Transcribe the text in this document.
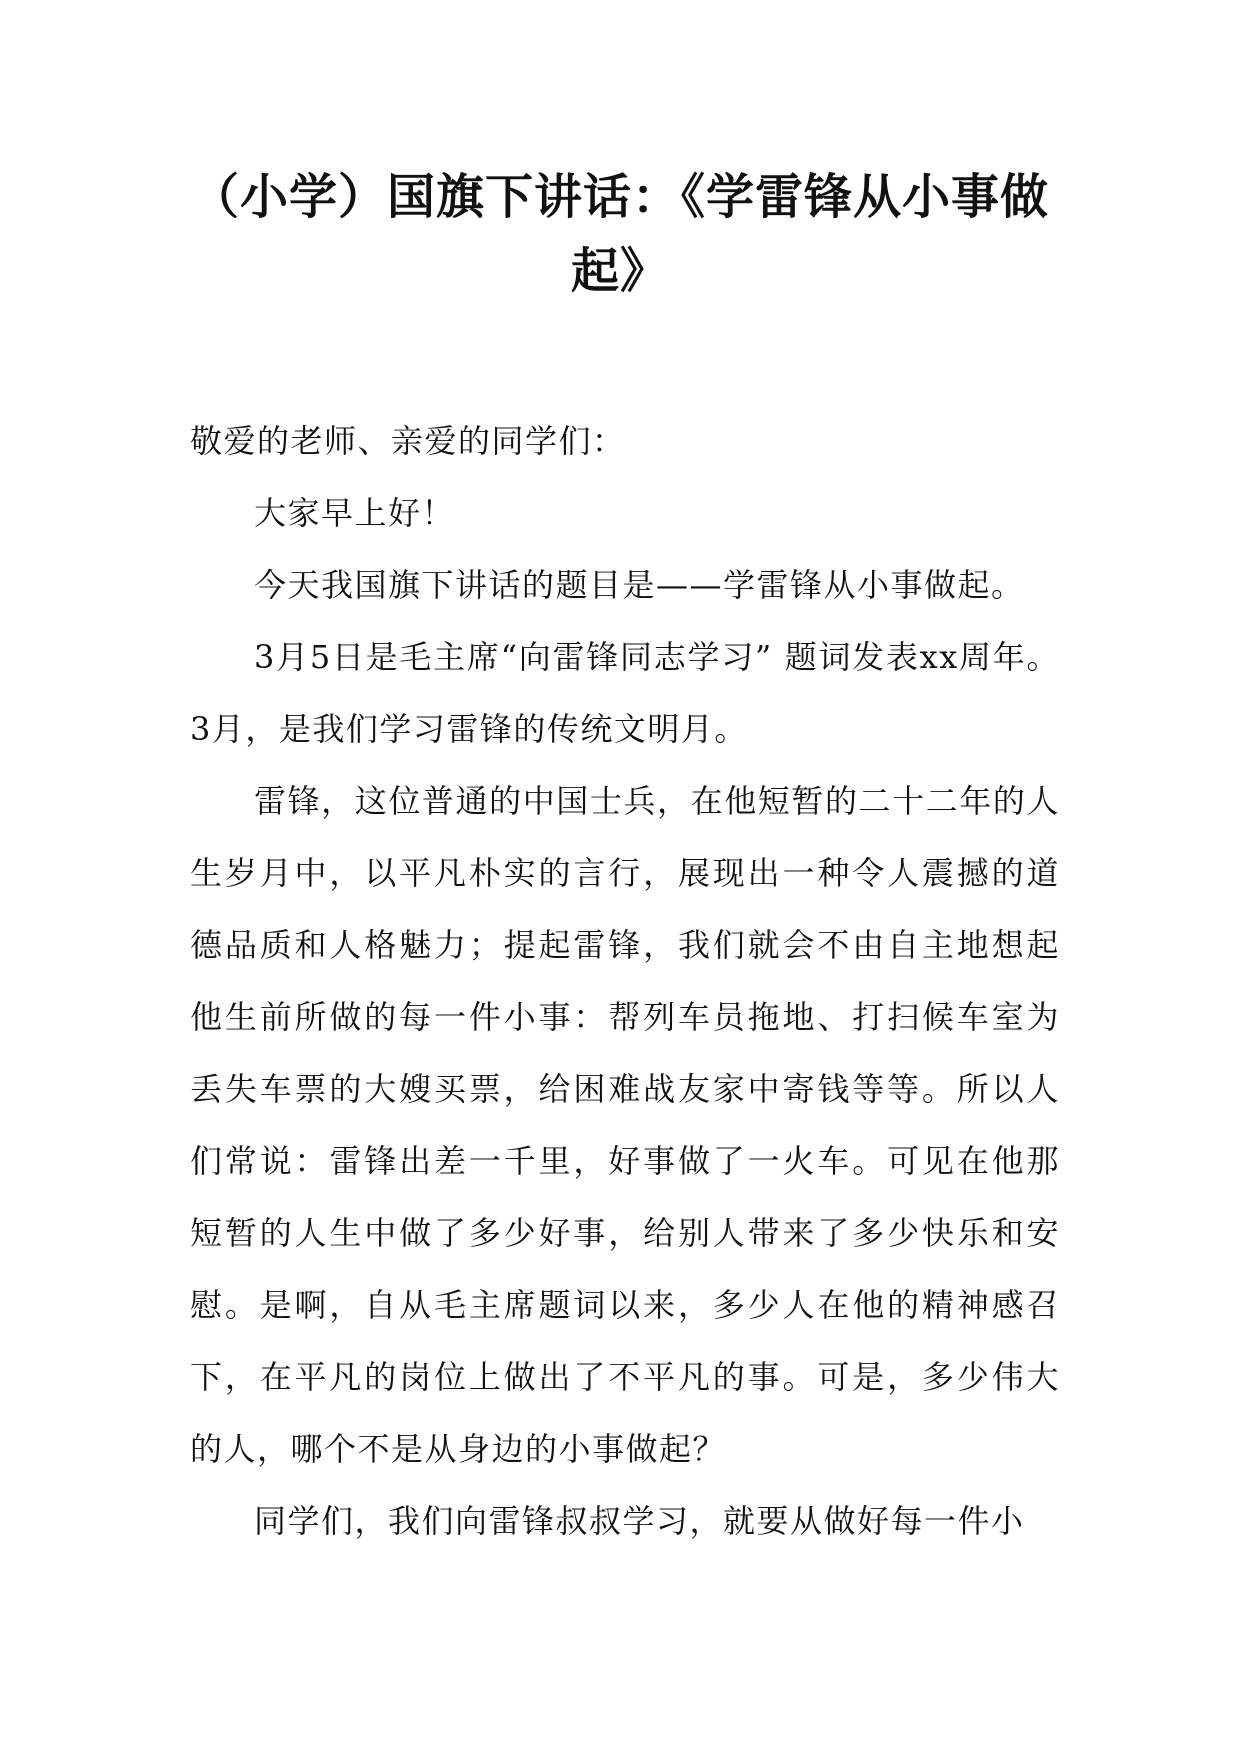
（小学）国旗下讲话：《学雷锋从小事做
起》

敬爱的老师、亲爱的同学们：

大家早上好！

今天我国旗下讲话的题目是——学雷锋从小事做起。

3月5日是毛主席“向雷锋同志学习” 题词发表xx周年。3月，是我们学习雷锋的传统文明月。

雷锋，这位普通的中国士兵，在他短暂的二十二年的人生岁月中，以平凡朴实的言行，展现出一种令人震撼的道德品质和人格魅力；提起雷锋，我们就会不由自主地想起他生前所做的每一件小事：帮列车员拖地、打扫候车室为丢失车票的大嫂买票，给困难战友家中寄钱等等。所以人们常说：雷锋出差一千里，好事做了一火车。可见在他那短暂的人生中做了多少好事，给别人带来了多少快乐和安慰。是啊，自从毛主席题词以来，多少人在他的精神感召下，在平凡的岗位上做出了不平凡的事。可是，多少伟大的人，哪个不是从身边的小事做起？

同学们，我们向雷锋叔叔学习，就要从做好每一件小
